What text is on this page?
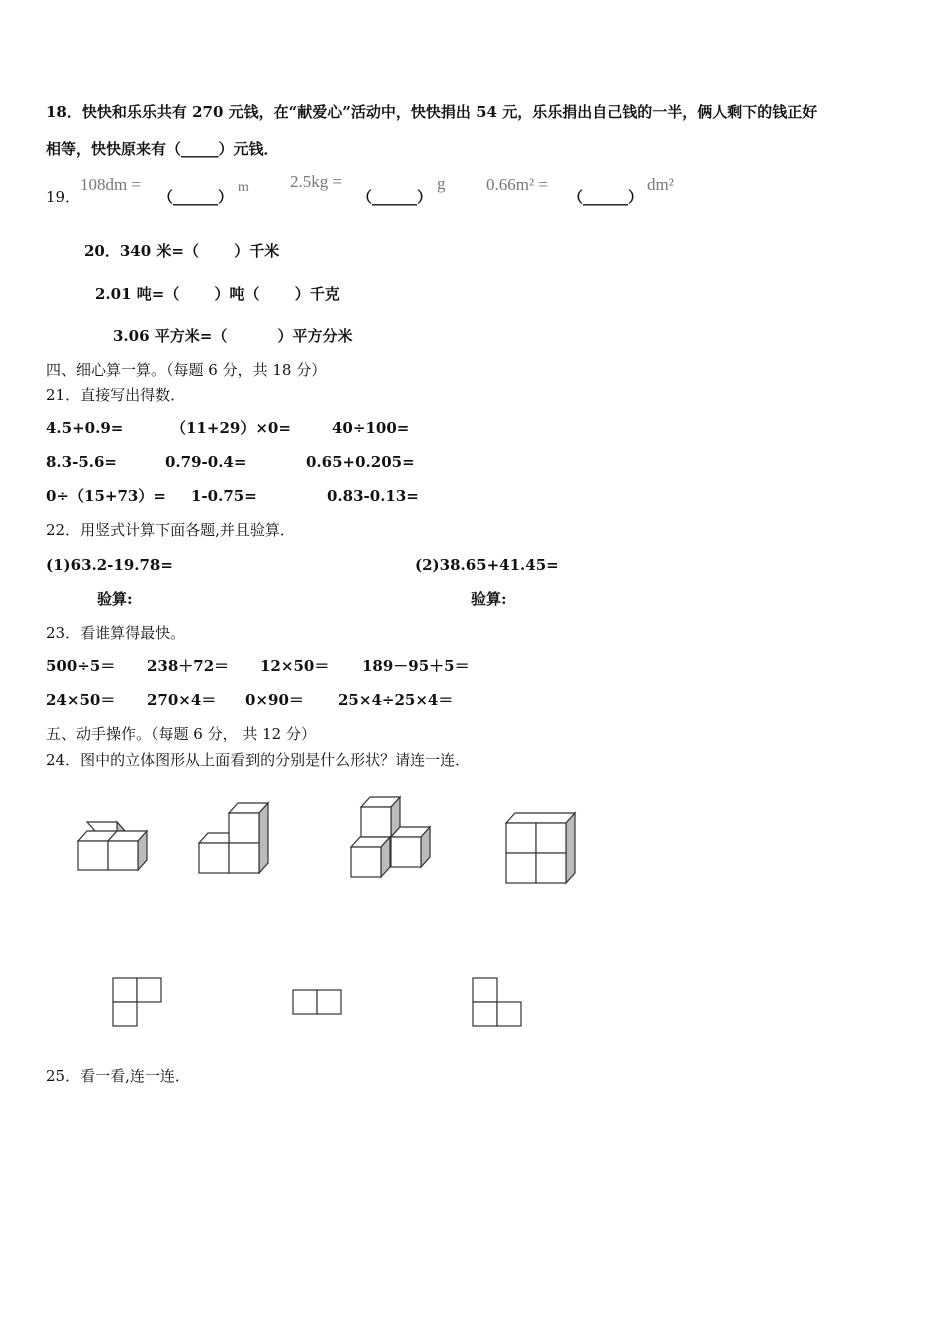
18．快快和乐乐共有 270 元钱，在“献爱心”活动中，快快捐出 54 元，乐乐捐出自己钱的一半，俩人剩下的钱正好
相等，快快原来有（_____）元钱．
19．
108dm =
（______）
m 2.5kg =
（______）
g 0.66m² =
（______）
dm²
20．340 米=（　　 ）千米
2.01 吨=（　　 ）吨（　　 ）千克
3.06 平方米=（　　　 ）平方分米
四、细心算一算。（每题 6 分，共 18 分）
21．直接写出得数．
4.5+0.9=	（11+29）×0=	40÷100=
8.3-5.6=	0.79-0.4=	0.65+0.205=
0÷（15+73）= 1-0.75=	0.83-0.13=
22．用竖式计算下面各题,并且验算．
(1)63.2-19.78=	(2)38.65+41.45=
验算:	验算:
23．看谁算得最快。
500÷5＝ 238＋72＝ 12×50＝ 189－95＋5＝
24×50＝ 270×4＝ 0×90＝ 25×4÷25×4＝
五、动手操作。（每题 6 分， 共 12 分）
24．图中的立体图形从上面看到的分别是什么形状？请连一连．
25．看一看,连一连．
